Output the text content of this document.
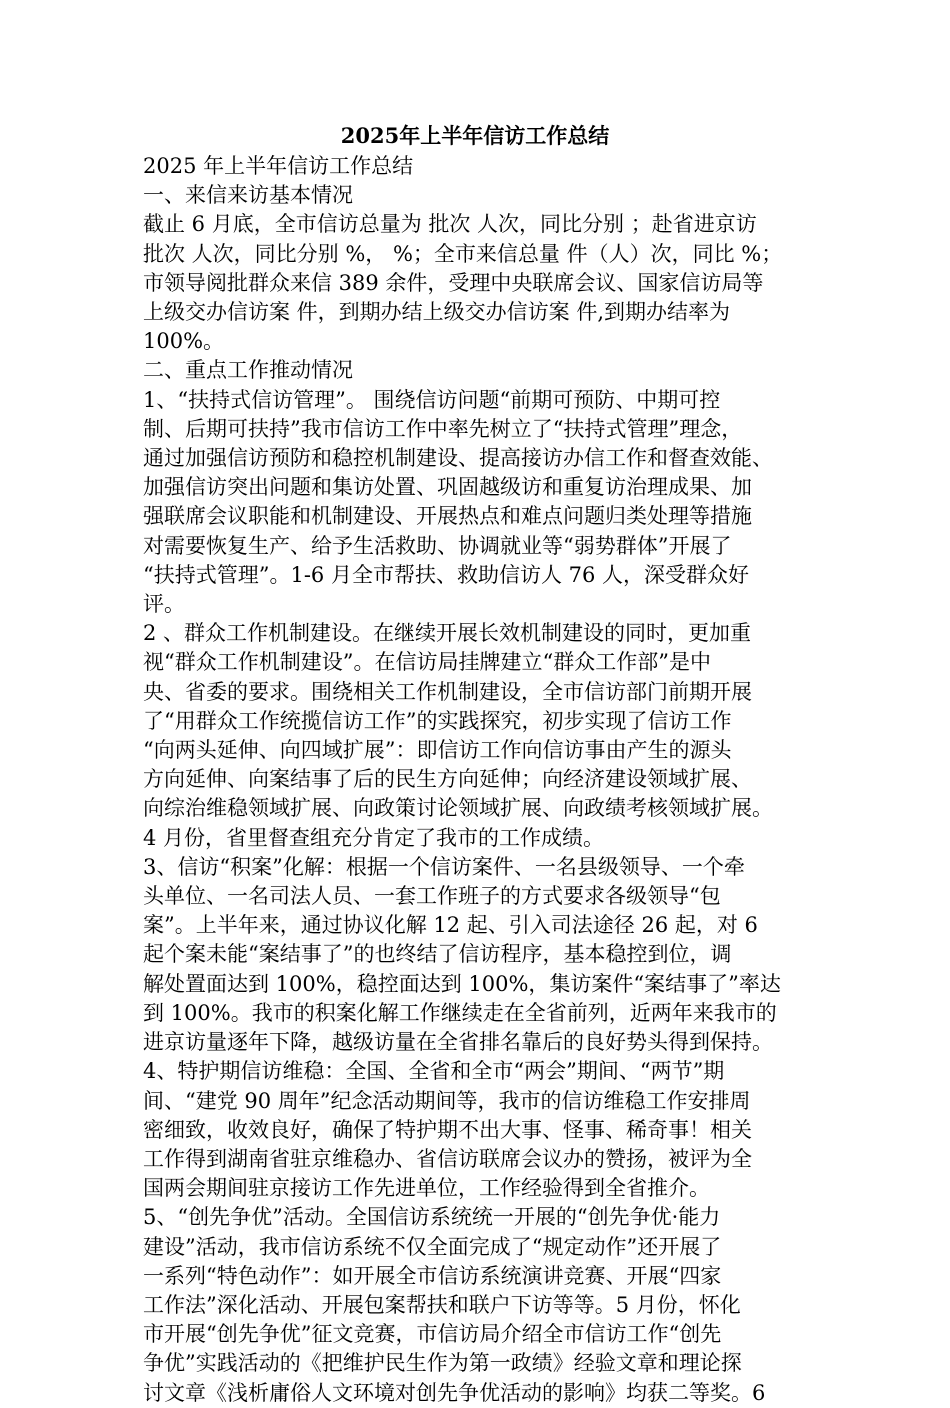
2025年上半年信访工作总结

2025 年上半年信访工作总结

一、来信来访基本情况

截止 6 月底，全市信访总量为 批次 人次，同比分别 ；赴省进京访

批次 人次，同比分别 %， %；全市来信总量 件（人）次，同比 %；

市领导阅批群众来信 389 余件，受理中央联席会议、国家信访局等

上级交办信访案 件，到期办结上级交办信访案 件,到期办结率为

100%。

二、重点工作推动情况

1、“扶持式信访管理”。 围绕信访问题“前期可预防、中期可控

制、后期可扶持”我市信访工作中率先树立了“扶持式管理”理念，

通过加强信访预防和稳控机制建设、提高接访办信工作和督查效能、

加强信访突出问题和集访处置、巩固越级访和重复访治理成果、加

强联席会议职能和机制建设、开展热点和难点问题归类处理等措施

对需要恢复生产、给予生活救助、协调就业等“弱势群体”开展了

“扶持式管理”。1-6 月全市帮扶、救助信访人 76 人，深受群众好

评。

2 、群众工作机制建设。在继续开展长效机制建设的同时，更加重

视“群众工作机制建设”。在信访局挂牌建立“群众工作部”是中

央、省委的要求。围绕相关工作机制建设，全市信访部门前期开展

了“用群众工作统揽信访工作”的实践探究，初步实现了信访工作

“向两头延伸、向四域扩展”：即信访工作向信访事由产生的源头

方向延伸、向案结事了后的民生方向延伸；向经济建设领域扩展、

向综治维稳领域扩展、向政策讨论领域扩展、向政绩考核领域扩展。

4 月份，省里督查组充分肯定了我市的工作成绩。

3、信访“积案”化解：根据一个信访案件、一名县级领导、一个牵

头单位、一名司法人员、一套工作班子的方式要求各级领导“包

案”。上半年来，通过协议化解 12 起、引入司法途径 26 起，对 6

起个案未能“案结事了”的也终结了信访程序，基本稳控到位，调

解处置面达到 100%，稳控面达到 100%，集访案件“案结事了”率达

到 100%。我市的积案化解工作继续走在全省前列，近两年来我市的

进京访量逐年下降，越级访量在全省排名靠后的良好势头得到保持。

4、特护期信访维稳：全国、全省和全市“两会”期间、“两节”期

间、“建党 90 周年”纪念活动期间等，我市的信访维稳工作安排周

密细致，收效良好，确保了特护期不出大事、怪事、稀奇事！相关

工作得到湖南省驻京维稳办、省信访联席会议办的赞扬，被评为全

国两会期间驻京接访工作先进单位，工作经验得到全省推介。

5、“创先争优”活动。全国信访系统统一开展的“创先争优·能力

建设”活动，我市信访系统不仅全面完成了“规定动作”还开展了

一系列“特色动作”：如开展全市信访系统演讲竞赛、开展“四家

工作法”深化活动、开展包案帮扶和联户下访等等。5 月份，怀化

市开展“创先争优”征文竞赛，市信访局介绍全市信访工作“创先

争优”实践活动的《把维护民生作为第一政绩》经验文章和理论探

讨文章《浅析庸俗人文环境对创先争优活动的影响》均获二等奖。6
